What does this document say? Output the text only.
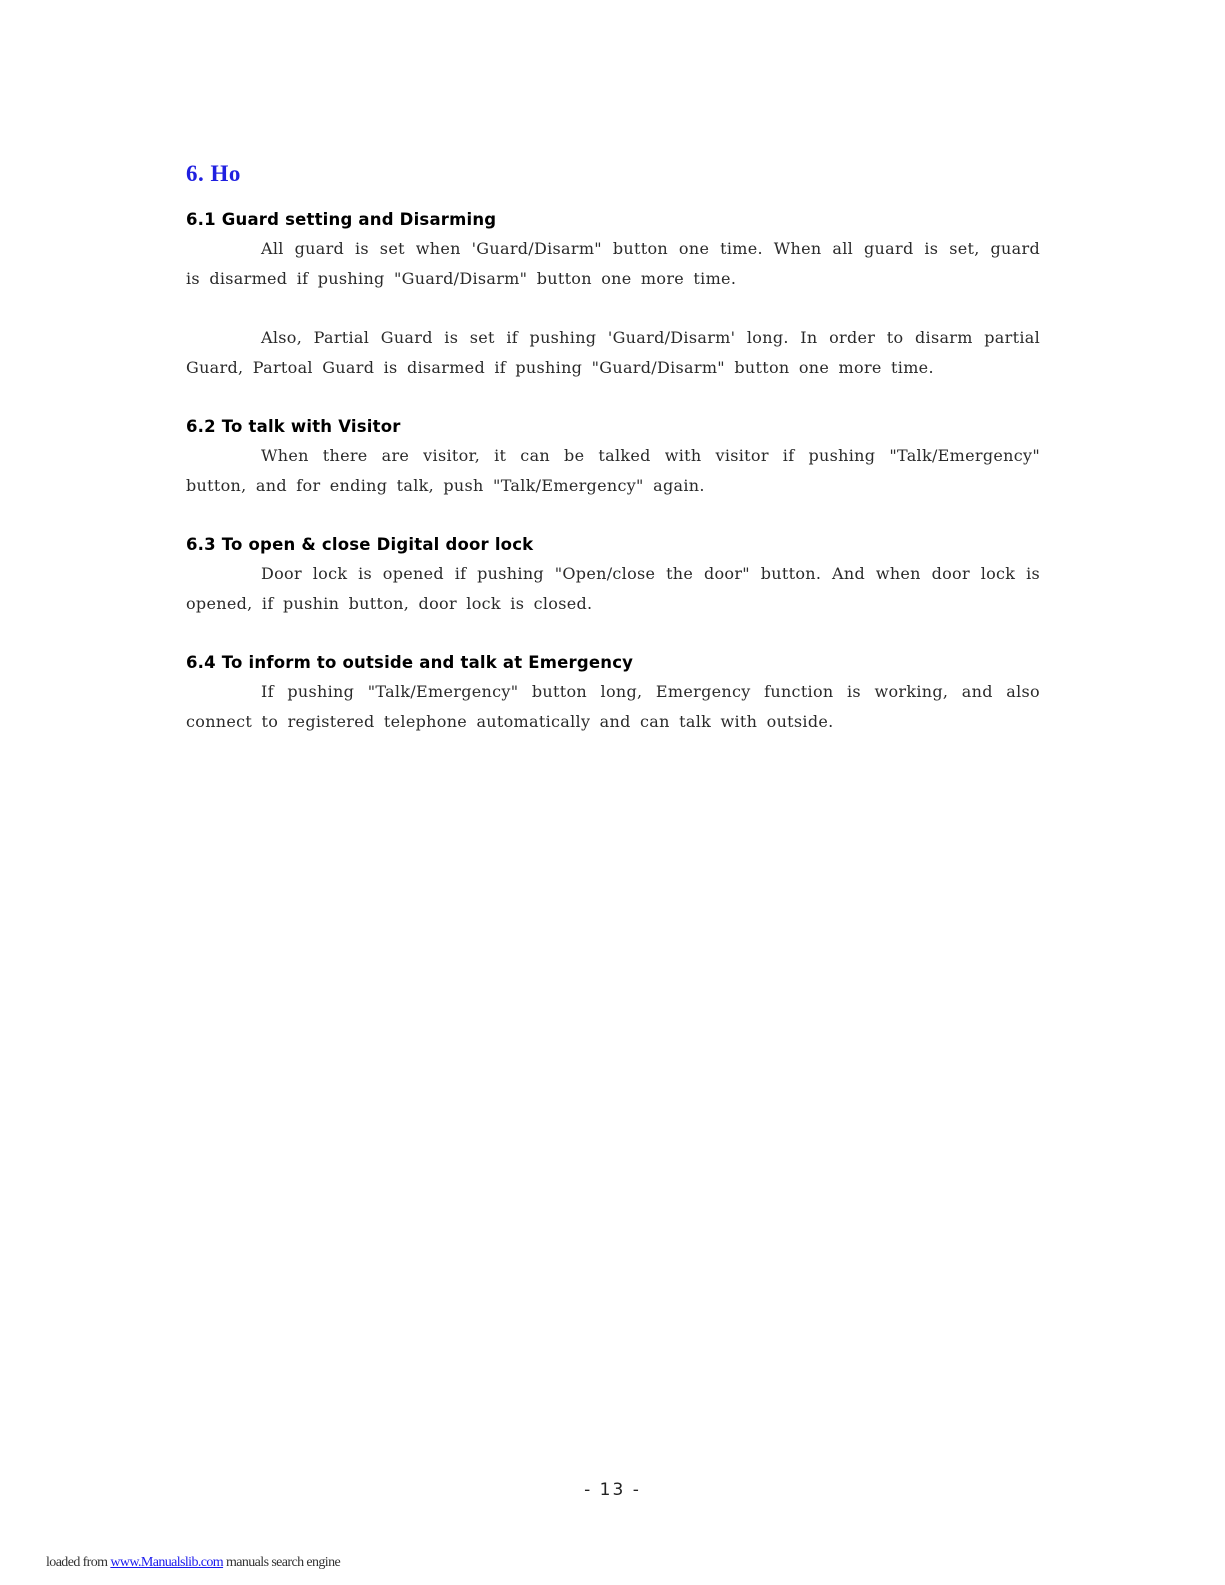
6. Ho
6.1 Guard setting and Disarming

All guard is set when 'Guard/Disarm" button one time. When all guard is set, guard is disarmed if pushing "Guard/Disarm" button one more time.

Also, Partial Guard is set if pushing 'Guard/Disarm' long. In order to disarm partial Guard, Partoal Guard is disarmed if pushing "Guard/Disarm" button one more time.

6.2 To talk with Visitor

When there are visitor, it can be talked with visitor if pushing "Talk/Emergency" button, and for ending talk, push "Talk/Emergency" again.

6.3 To open & close Digital door lock

Door lock is opened if pushing "Open/close the door" button. And when door lock is opened, if pushin button, door lock is closed.

6.4 To inform to outside and talk at Emergency

If pushing "Talk/Emergency" button long, Emergency function is working, and also connect to registered telephone automatically and can talk with outside.

- 13 -
loaded from www.Manualslib.com manuals search engine
